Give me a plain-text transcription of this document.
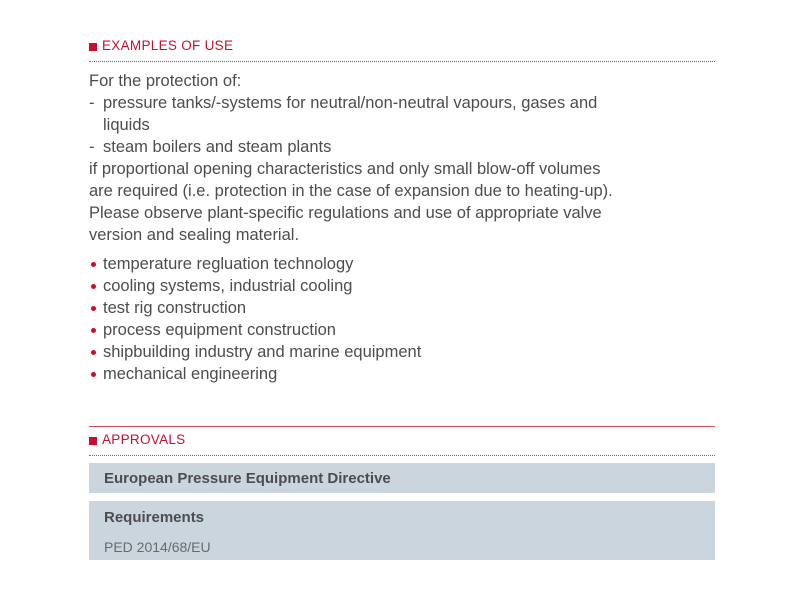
EXAMPLES OF USE

For the protection of:

- pressure tanks/-systems for neutral/non-neutral vapours, gases and
liquids
- steam boilers and steam plants

if proportional opening characteristics and only small blow-off volumes

are required (i.e. protection in the case of expansion due to heating-up).

Please observe plant-specific regulations and use of appropriate valve

version and sealing material.

temperature regluation technology
cooling systems, industrial cooling
test rig construction
process equipment construction
shipbuilding industry and marine equipment
mechanical engineering
APPROVALS
European Pressure Equipment Directive
Requirements
PED 2014/68/EU
